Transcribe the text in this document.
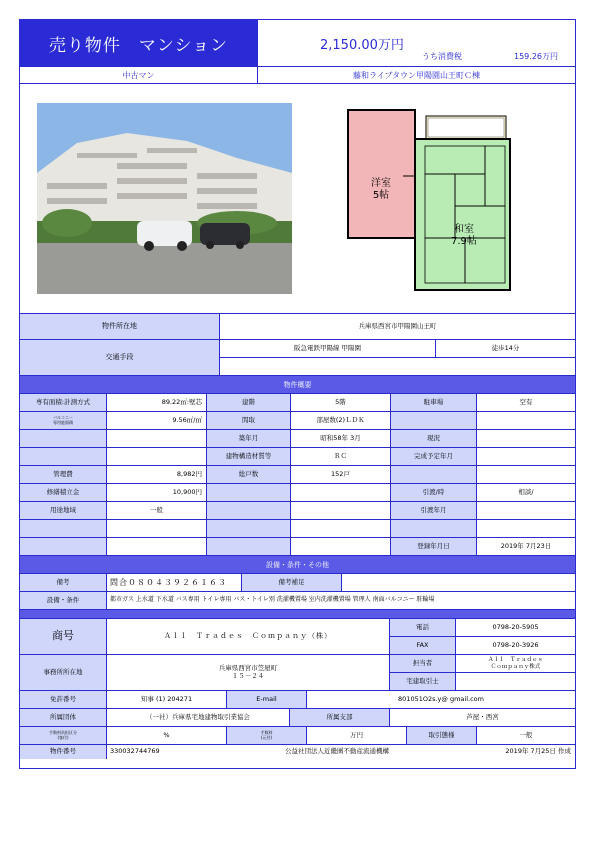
売り物件　マンション	2,150.00万円
うち消費税	159.26万円
中古マン	藤和ライブタウン甲陽園山王町Ｃ棟
洋室
5帖
和室
7.9帖
物件所在地	兵庫県西宮市甲陽園山王町
交通手段
阪急電鉄甲陽線 甲陽園	徒歩14分
物件概要
専有面積:計測方式	89.22㎡:壁芯	建階	5階	駐車場	空有
バルコニー
専用庭面積	9.56㎡/㎡	間取	部屋数(2)ＬＤＫ
築年月	昭和58年 3月	現況
建物構造材質等	ＲＣ	完成予定年月
管理費	8,982円	総戸数	152戸
修繕積立金	10,900円	引渡/時	相談/
用途地域	一般	引渡年月
登録年月日	2019年 7月23日
設備・条件・その他
備考	問合０８０４３９２６１６３	備考補足
設備・条件	都市ガス 上水道 下水道 バス専用 トイレ専用 バス・トイレ別 洗濯機置場 室内洗濯機置場 管理人 南面バルコニー 駐輪場
商号	Ａｌｌ　Ｔｒａｄｅｓ　Ｃｏｍｐａｎｙ（株）
電話	0798-20-5905
FAX	0798-20-3926
事務所所在地	兵庫県西宮市笠屋町
１５－２４
担当者	Ａｌｌ　Ｔｒａｄｅｓ
Ｃｏｍｐａｎｙ株式
宅建取引士
免許番号	知事 (1) 204271	E-mail	801051O2s.y@ gmail.com
所属団体	（一社）兵庫県宅地建物取引業協会	所属支部	芦屋・西宮
手数料負担区分
(客付)	%	手数料
(元付)	万円	取引態様	一般
物件番号	330032744769	公益社団法人近畿圏不動産流通機構	2019年 7月25日 作成
